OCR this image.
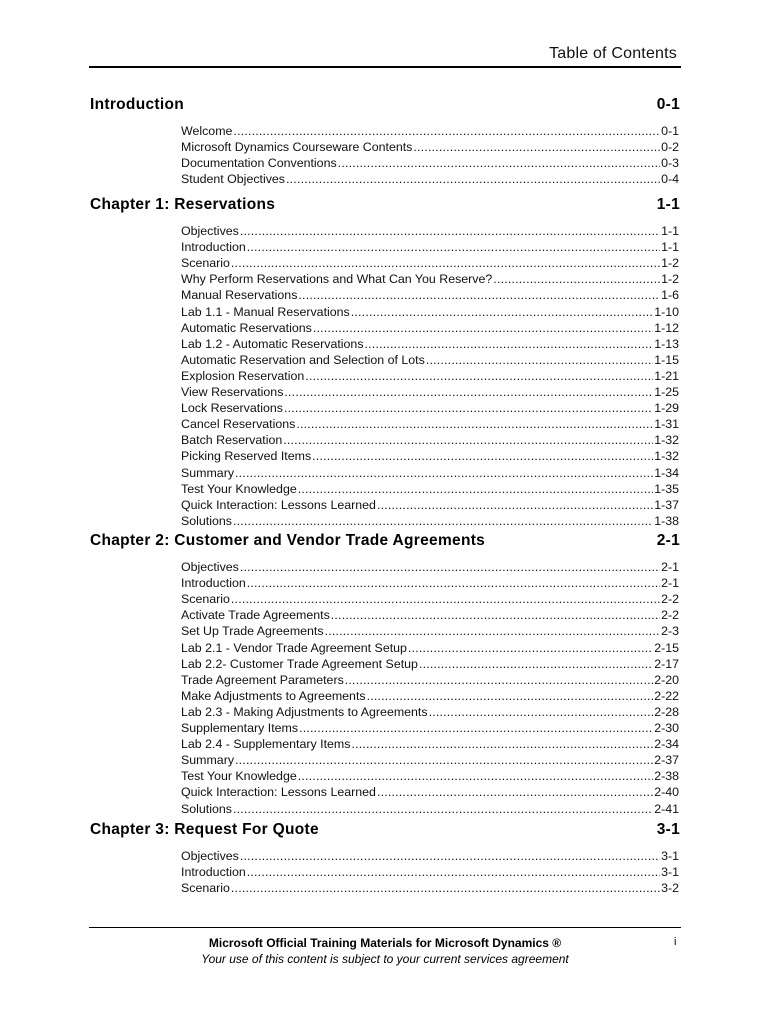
Table of Contents
Introduction	0-1
Welcome .....	0-1
Microsoft Dynamics Courseware Contents .....	0-2
Documentation Conventions .....	0-3
Student Objectives .....	0-4
Chapter 1: Reservations	1-1
Objectives .....	1-1
Introduction .....	1-1
Scenario .....	1-2
Why Perform Reservations and What Can You Reserve? .....	1-2
Manual Reservations .....	1-6
Lab 1.1 - Manual Reservations .....	1-10
Automatic Reservations .....	1-12
Lab 1.2 - Automatic Reservations .....	1-13
Automatic Reservation and Selection of Lots .....	1-15
Explosion Reservation .....	1-21
View Reservations .....	1-25
Lock Reservations .....	1-29
Cancel Reservations .....	1-31
Batch Reservation .....	1-32
Picking Reserved Items .....	1-32
Summary .....	1-34
Test Your Knowledge .....	1-35
Quick Interaction: Lessons Learned .....	1-37
Solutions .....	1-38
Chapter 2: Customer and Vendor Trade Agreements	2-1
Objectives .....	2-1
Introduction .....	2-1
Scenario .....	2-2
Activate Trade Agreements .....	2-2
Set Up Trade Agreements .....	2-3
Lab 2.1 - Vendor Trade Agreement Setup .....	2-15
Lab 2.2- Customer Trade Agreement Setup .....	2-17
Trade Agreement Parameters .....	2-20
Make Adjustments to Agreements .....	2-22
Lab 2.3 - Making Adjustments to Agreements .....	2-28
Supplementary Items .....	2-30
Lab 2.4 - Supplementary Items .....	2-34
Summary .....	2-37
Test Your Knowledge .....	2-38
Quick Interaction: Lessons Learned .....	2-40
Solutions .....	2-41
Chapter 3: Request For Quote	3-1
Objectives .....	3-1
Introduction .....	3-1
Scenario .....	3-2
Microsoft Official Training Materials for Microsoft Dynamics ®
Your use of this content is subject to your current services agreement
i
